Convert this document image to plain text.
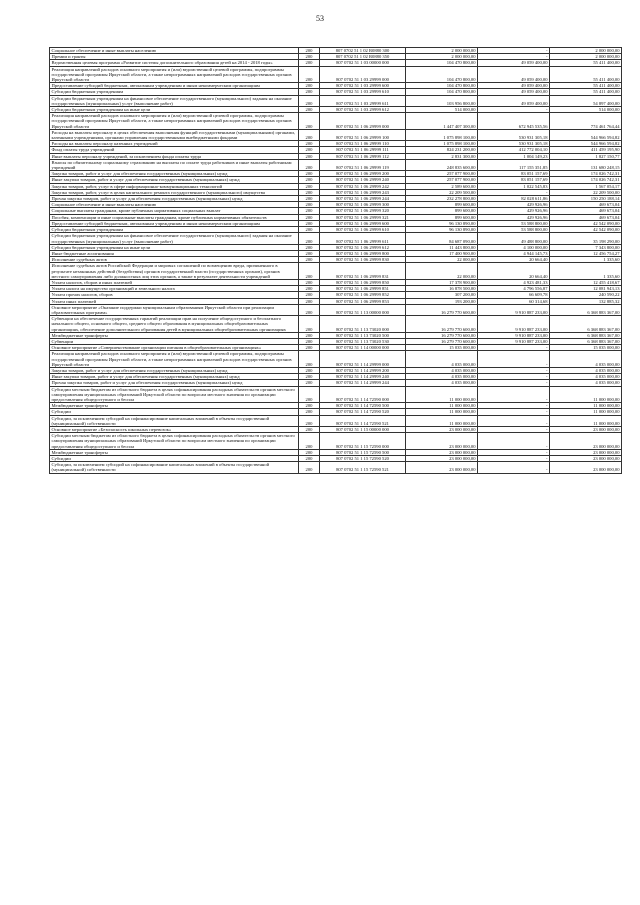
53
Социальное обеспечение и иные выплаты населению	200	807 0702 51 1 02 R0880 300	2 000 000,00	-	2 000 000,00
Премии и гранты	200	807 0702 51 1 02 R0880 350	2 000 000,00	-	2 000 000,00
Ведомственная целевая программа «Развитие системы дополнительного образования детей на 2014 - 2018 годы»	200	807 0702 51 1 03 00000 000	104 470 800,00	49 059 400,00	55 411 400,00
Реализация направлений расходов основного мероприятия и (или) ведомственной целевой программы, подпрограммы государственной программы Иркутской области, а также непрограммных направлений расходов государственных органов Иркутской области	200	807 0702 51 1 03 29999 000	104 470 800,00	49 059 400,00	55 411 400,00
Предоставление субсидий бюджетным, автономным учреждениям и иным некоммерческим организациям	200	807 0702 51 1 03 29999 600	104 470 800,00	49 059 400,00	55 411 400,00
Субсидии бюджетным учреждениям	200	807 0702 51 1 03 29999 610	104 470 800,00	49 059 400,00	55 411 400,00
Субсидии бюджетным учреждениям на финансовое обеспечение государственного (муниципального) задания на оказание государственных (муниципальных) услуг (выполнение работ)	200	807 0702 51 1 03 29999 611	103 956 800,00	49 059 400,00	54 897 400,00
Субсидии бюджетным учреждениям на иные цели	200	807 0702 51 1 03 29999 612	514 000,00	-	514 000,00
Реализация направлений расходов основного мероприятия и (или) ведомственной целевой программы, подпрограммы государственной программы Иркутской области, а также непрограммных направлений расходов государственных органов Иркутской области	200	807 0702 51 1 06 29999 000	1 447 407 300,00	672 945 535,56	774 461 764,44
Расходы на выплаты персоналу в целях обеспечения выполнения функций государственными (муниципальными) органами, казенными учреждениями, органами управления государственными внебюджетными фондами	200	807 0702 51 1 06 29999 100	1 075 898 100,00	530 931 305,18	544 966 594,82
Расходы на выплаты персоналу казенных учреждений	200	807 0702 51 1 06 29999 110	1 075 898 100,00	530 931 305,18	544 966 594,82
Фонд оплаты труда учреждений	200	807 0702 51 1 06 29999 111	824 231 200,00	412 772 004,10	411 459 195,90
Иные выплаты персоналу учреждений, за исключением фонда оплаты труда	200	807 0702 51 1 06 29999 112	2 831 300,00	1 004 149,23	1 827 150,77
Взносы по обязательному социальному страхованию на выплаты по оплате труда работников и иные выплаты работникам учреждений	200	807 0702 51 1 06 29999 119	248 835 600,00	117 155 351,85	131 680 248,15
Закупка товаров, работ и услуг для обеспечения государственных (муниципальных) нужд	200	807 0702 51 1 06 29999 200	257 077 900,00	83 051 157,69	174 026 742,31
Иные закупки товаров, работ и услуг для обеспечения государственных (муниципальных) нужд	200	807 0702 51 1 06 29999 240	257 077 900,00	83 051 157,69	174 026 742,31
Закупка товаров, работ, услуг в сфере информационно-коммуникационных технологий	200	807 0702 51 1 06 29999 242	2 589 600,00	1 022 545,83	1 567 054,17
Закупка товаров, работ, услуг в целях капитального ремонта государственного (муниципального) имущества	200	807 0702 51 1 06 29999 243	22 209 500,00	-	22 209 500,00
Прочая закупка товаров, работ и услуг для обеспечения государственных (муниципальных) нужд	200	807 0702 51 1 06 29999 244	232 278 800,00	82 028 611,86	150 250 188,14
Социальное обеспечение и иные выплаты населению	200	807 0702 51 1 06 29999 300	899 600,00	429 926,96	469 673,04
Социальные выплаты гражданам, кроме публичных нормативных социальных выплат	200	807 0702 51 1 06 29999 320	899 600,00	429 926,96	469 673,04
Пособия, компенсации и иные социальные выплаты гражданам, кроме публичных нормативных обязательств	200	807 0702 51 1 06 29999 321	899 600,00	429 926,96	469 673,04
Предоставление субсидий бюджетным, автономным учреждениям и иным некоммерческим организациям	200	807 0702 51 1 06 29999 600	96 130 890,00	53 588 800,00	42 542 090,00
Субсидии бюджетным учреждениям	200	807 0702 51 1 06 29999 610	96 130 890,00	53 588 800,00	42 542 090,00
Субсидии бюджетным учреждениям на финансовое обеспечение государственного (муниципального) задания на оказание государственных (муниципальных) услуг (выполнение работ)	200	807 0702 51 1 06 29999 611	84 687 090,00	49 488 800,00	35 198 290,00
Субсидии бюджетным учреждениям на иные цели	200	807 0702 51 1 06 29999 612	11 443 800,00	4 100 000,00	7 343 800,00
Иные бюджетные ассигнования	200	807 0702 51 1 06 29999 800	17 400 900,00	4 944 145,73	12 456 754,27
Исполнение судебных актов	200	807 0702 51 1 06 29999 830	22 000,00	20 664,40	1 335,60
Исполнение судебных актов Российской Федерации и мировых соглашений по возмещению вреда, причиненного в результате незаконных действий (бездействия) органов государственной власти (государственных органов), органов местного самоуправления либо должностных лиц этих органов, а также в результате деятельности учреждений	200	807 0702 51 1 06 29999 831	22 000,00	20 664,40	1 335,60
Уплата налогов, сборов и иных платежей	200	807 0702 51 1 06 29999 850	17 378 900,00	4 923 481,33	12 455 418,67
Уплата налога на имущество организаций и земельного налога	200	807 0702 51 1 06 29999 851	16 878 500,00	4 796 556,87	12 081 943,13
Уплата прочих налогов, сборов	200	807 0702 51 1 06 29999 852	307 200,00	66 609,78	240 590,22
Уплата иных платежей	200	807 0702 51 1 06 29999 853	193 200,00	60 314,68	132 885,32
Основное мероприятие «Оказание поддержки муниципальным образованиям Иркутской области при реализации образовательных программ»	200	807 0702 51 1 13 00000 000	16 279 770 600,00	9 910 887 233,00	6 368 883 367,00
Субвенции на обеспечение государственных гарантий реализации прав на получение общедоступного и бесплатного начального общего, основного общего, среднего общего образования в муниципальных общеобразовательных организациях, обеспечение дополнительного образования детей в муниципальных общеобразовательных организациях	200	807 0702 51 1 13 73020 000	16 279 770 600,00	9 910 887 233,00	6 368 883 367,00
Межбюджетные трансферты	200	807 0702 51 1 13 73020 500	16 279 770 600,00	9 910 887 233,00	6 368 883 367,00
Субвенции	200	807 0702 51 1 13 73020 530	16 279 770 600,00	9 910 887 233,00	6 368 883 367,00
Основное мероприятие «Совершенствование организации питания в общеобразовательных организациях»	200	807 0702 51 1 14 00000 000	15 035 000,00	-	15 035 000,00
Реализация направлений расходов основного мероприятия и (или) ведомственной целевой программы, подпрограммы государственной программы Иркутской области, а также непрограммных направлений расходов государственных органов Иркутской области	200	807 0702 51 1 14 29999 000	4 035 000,00	-	4 035 000,00
Закупка товаров, работ и услуг для обеспечения государственных (муниципальных) нужд	200	807 0702 51 1 14 29999 200	4 035 000,00	-	4 035 000,00
Иные закупки товаров, работ и услуг для обеспечения государственных (муниципальных) нужд	200	807 0702 51 1 14 29999 240	4 035 000,00	-	4 035 000,00
Прочая закупка товаров, работ и услуг для обеспечения государственных (муниципальных) нужд	200	807 0702 51 1 14 29999 244	4 035 000,00	-	4 035 000,00
Субсидии местным бюджетам из областного бюджета в целях софинансирования расходных обязательств органов местного самоуправления муниципальных образований Иркутской области по вопросам местного значения по организации предоставления общедоступного и беспла	200	807 0702 51 1 14 72590 000	11 000 000,00	-	11 000 000,00
Межбюджетные трансферты	200	807 0702 51 1 14 72590 500	11 000 000,00	-	11 000 000,00
Субсидии	200	807 0702 51 1 14 72590 520	11 000 000,00	-	11 000 000,00
Субсидии, за исключением субсидий на софинансирование капитальных вложений в объекты государственной (муниципальной) собственности	200	807 0702 51 1 14 72590 521	11 000 000,00	-	11 000 000,00
Основное мероприятие «Безопасность школьных перевозок»	200	807 0702 51 1 15 00000 000	23 000 000,00	-	23 000 000,00
Субсидии местным бюджетам из областного бюджета в целях софинансирования расходных обязательств органов местного самоуправления муниципальных образований Иркутской области по вопросам местного значения по организации предоставления общедоступного и беспла	200	807 0702 51 1 15 72590 000	23 000 000,00	-	23 000 000,00
Межбюджетные трансферты	200	807 0702 51 1 15 72590 500	23 000 000,00	-	23 000 000,00
Субсидии	200	807 0702 51 1 15 72590 520	23 000 000,00	-	23 000 000,00
Субсидии, за исключением субсидий на софинансирование капитальных вложений в объекты государственной (муниципальной) собственности	200	807 0702 51 1 15 72590 521	23 000 000,00	-	23 000 000,00
